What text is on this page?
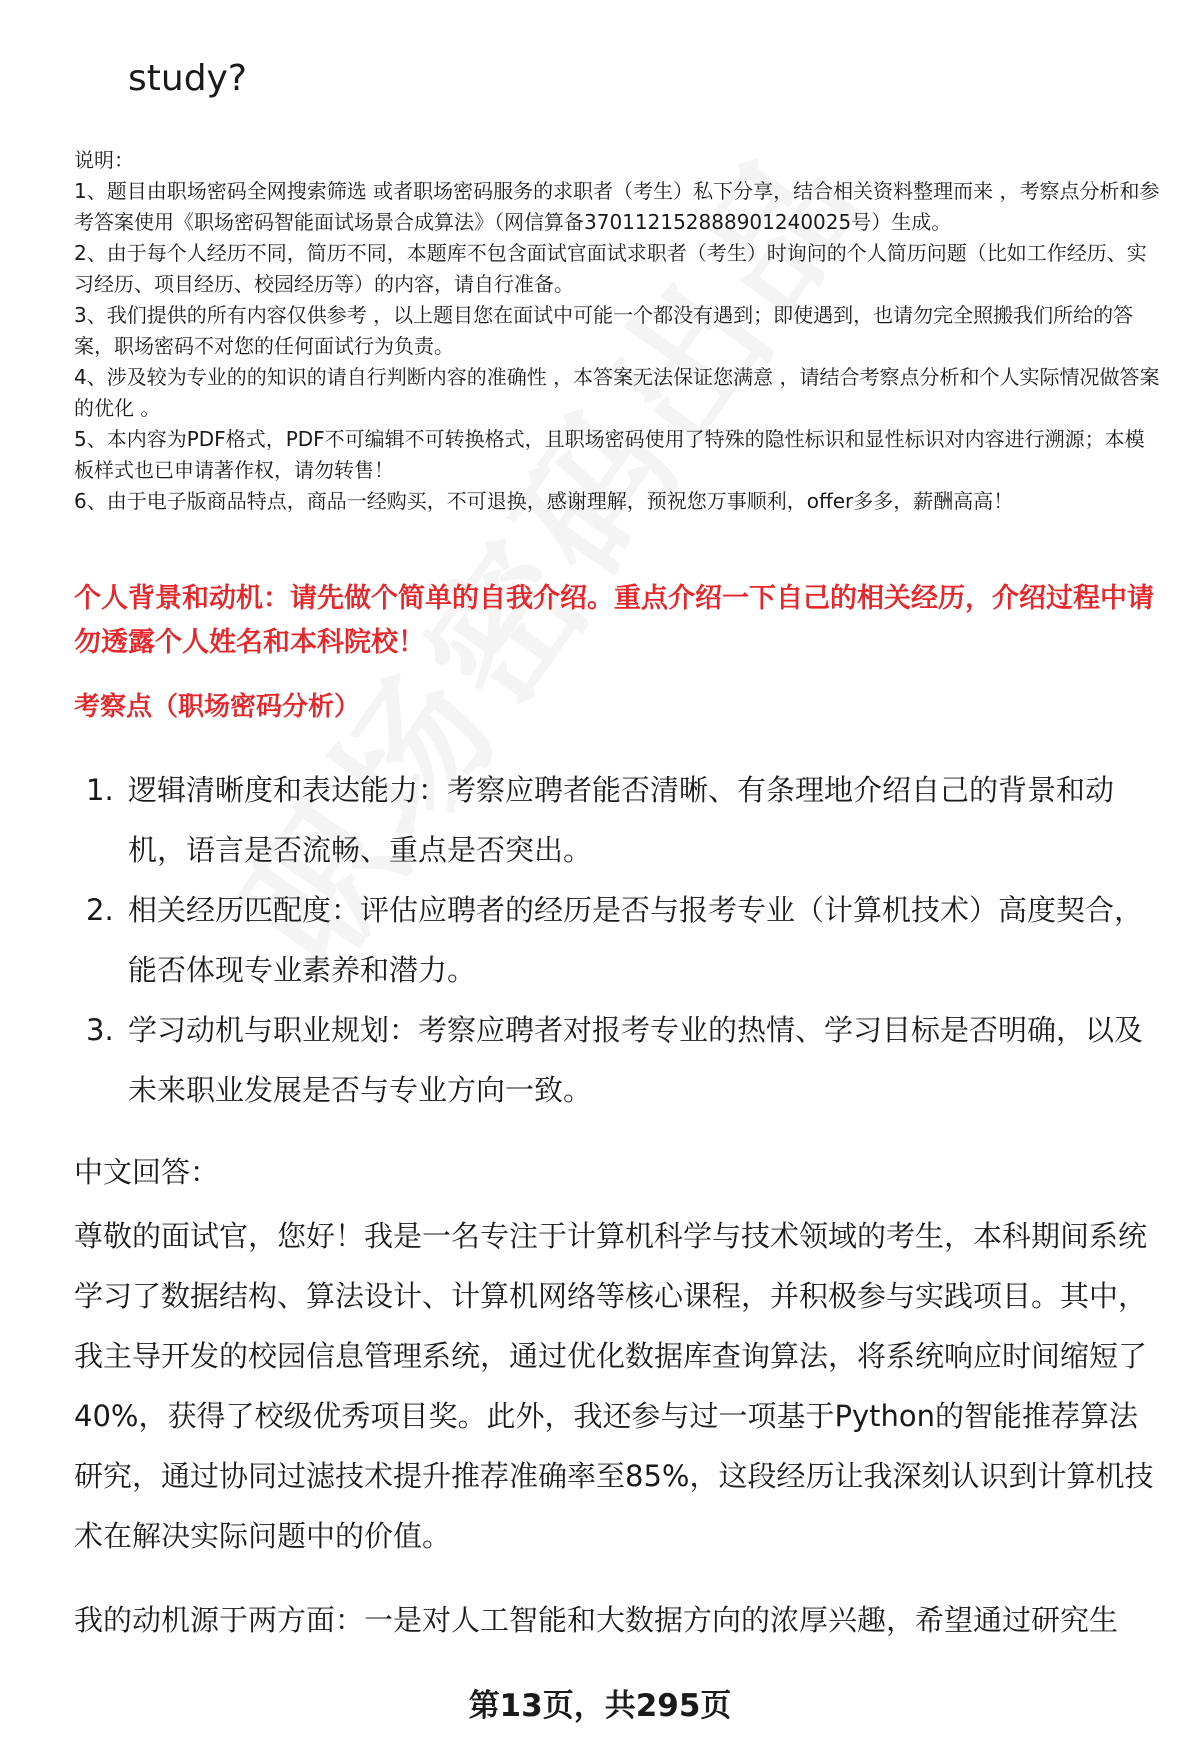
study?

说明：

1、题目由职场密码全网搜索筛选 或者职场密码服务的求职者（考生）私下分享，结合相关资料整理而来 ，考察点分析和参考答案使用《职场密码智能面试场景合成算法》（网信算备370112152888901240025号）生成。

2、由于每个人经历不同，简历不同，本题库不包含面试官面试求职者（考生）时询问的个人简历问题（比如工作经历、实习经历、项目经历、校园经历等）的内容，请自行准备。

3、我们提供的所有内容仅供参考 ，以上题目您在面试中可能一个都没有遇到；即使遇到，也请勿完全照搬我们所给的答案，职场密码不对您的任何面试行为负责。

4、涉及较为专业的的知识的请自行判断内容的准确性 ，本答案无法保证您满意 ，请结合考察点分析和个人实际情况做答案的优化 。

5、本内容为PDF格式，PDF不可编辑不可转换格式，且职场密码使用了特殊的隐性标识和显性标识对内容进行溯源；本模板样式也已申请著作权，请勿转售！

6、由于电子版商品特点，商品一经购买，不可退换，感谢理解，预祝您万事顺利，offer多多，薪酬高高！

个人背景和动机：请先做个简单的自我介绍。重点介绍一下自己的相关经历，介绍过程中请勿透露个人姓名和本科院校！
考察点（职场密码分析）
1. 逻辑清晰度和表达能力：考察应聘者能否清晰、有条理地介绍自己的背景和动机，语言是否流畅、重点是否突出。
2. 相关经历匹配度：评估应聘者的经历是否与报考专业（计算机技术）高度契合，能否体现专业素养和潜力。
3. 学习动机与职业规划：考察应聘者对报考专业的热情、学习目标是否明确，以及未来职业发展是否与专业方向一致。
中文回答：

尊敬的面试官，您好！我是一名专注于计算机科学与技术领域的考生，本科期间系统学习了数据结构、算法设计、计算机网络等核心课程，并积极参与实践项目。其中，我主导开发的校园信息管理系统，通过优化数据库查询算法，将系统响应时间缩短了40%，获得了校级优秀项目奖。此外，我还参与过一项基于Python的智能推荐算法研究，通过协同过滤技术提升推荐准确率至85%，这段经历让我深刻认识到计算机技术在解决实际问题中的价值。

我的动机源于两方面：一是对人工智能和大数据方向的浓厚兴趣，希望通过研究生

第13页，共295页
